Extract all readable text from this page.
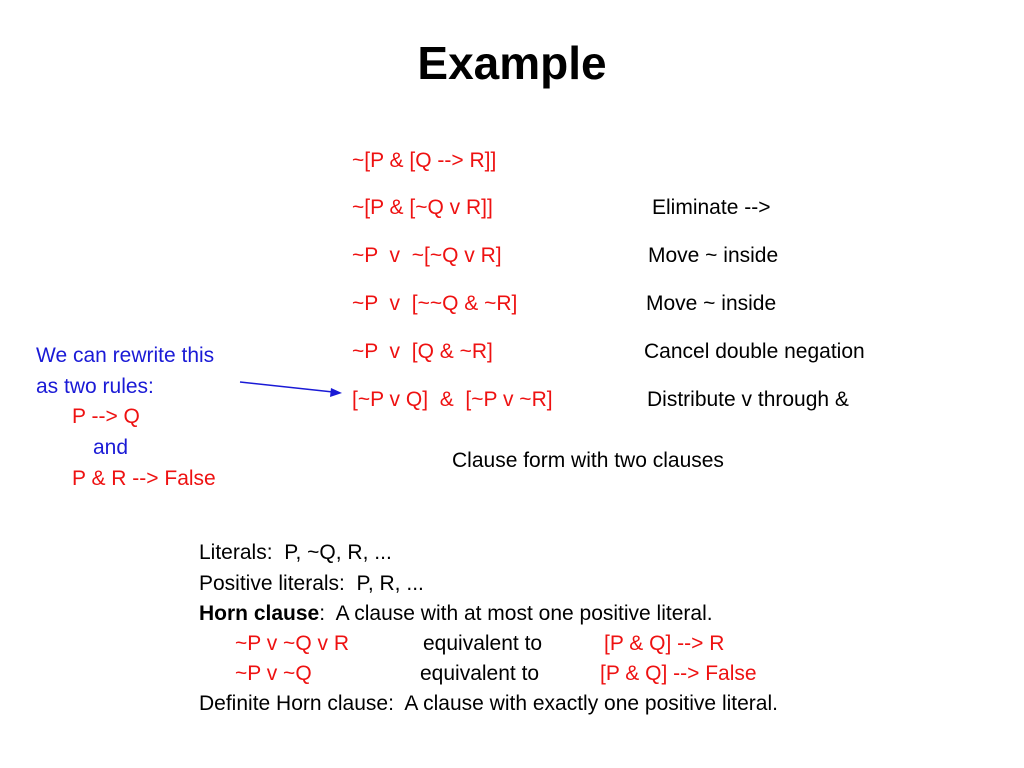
Example
~[P & [Q --> R]]
~[P & [~Q v R]]	Eliminate -->
~P  v  ~[~Q v R]	Move ~ inside
~P  v  [~~Q & ~R]	Move ~ inside
~P  v  [Q & ~R]	Cancel double negation
[~P v Q]  &  [~P v ~R]	Distribute v through &
Clause form with two clauses
We can rewrite this
as two rules:
P --> Q
and
P & R --> False
Literals:  P, ~Q, R, ...
Positive literals:  P, R, ...
Horn clause:  A clause with at most one positive literal.
~P v ~Q v R	equivalent to	[P & Q] --> R
~P v ~Q	equivalent to	[P & Q] --> False
Definite Horn clause:  A clause with exactly one positive literal.
